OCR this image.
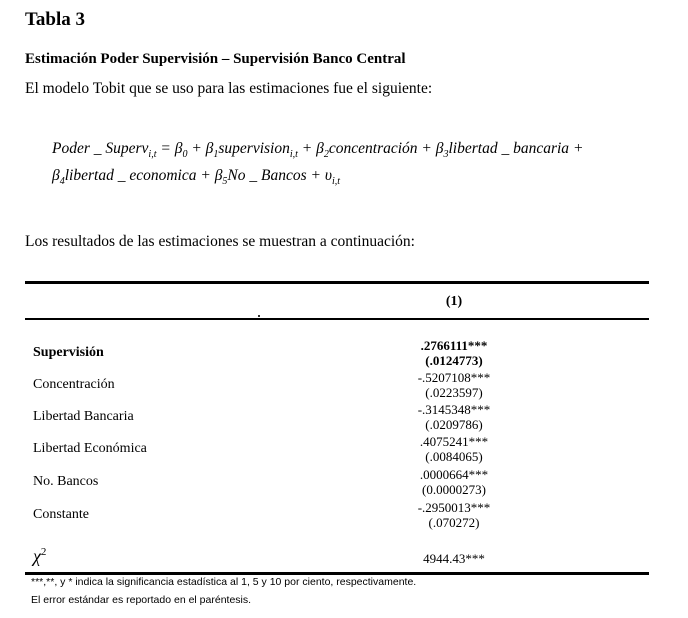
Tabla 3
Estimación Poder Supervisión – Supervisión Banco Central
El modelo Tobit que se uso para las estimaciones fue el siguiente:
Poder _ Superv$_{i,t}$ = $\beta_0$ + $\beta_1supervision_{i,t}$ + $\beta_2concentración$ + $\beta_3libertad$ _ bancaria +
$\beta_4libertad$ _ economica + $\beta_5No$ _ $Bancos + \upsilon_{i,t}$
Los resultados de las estimaciones se muestran a continuación:
(1)
Supervisión	.2766111***
(.0124773)
Concentración	-.5207108***
(.0223597)
Libertad Bancaria	-.3145348***
(.0209786)
Libertad Económica	.4075241***
(.0084065)
No. Bancos	.0000664***
(0.0000273)
Constante	-.2950013***
(.070272)
$\chi^2$	4944.43***
***,**, y * indica la significancia estadística al 1, 5 y 10 por ciento, respectivamente.
El error estándar es reportado en el paréntesis.
